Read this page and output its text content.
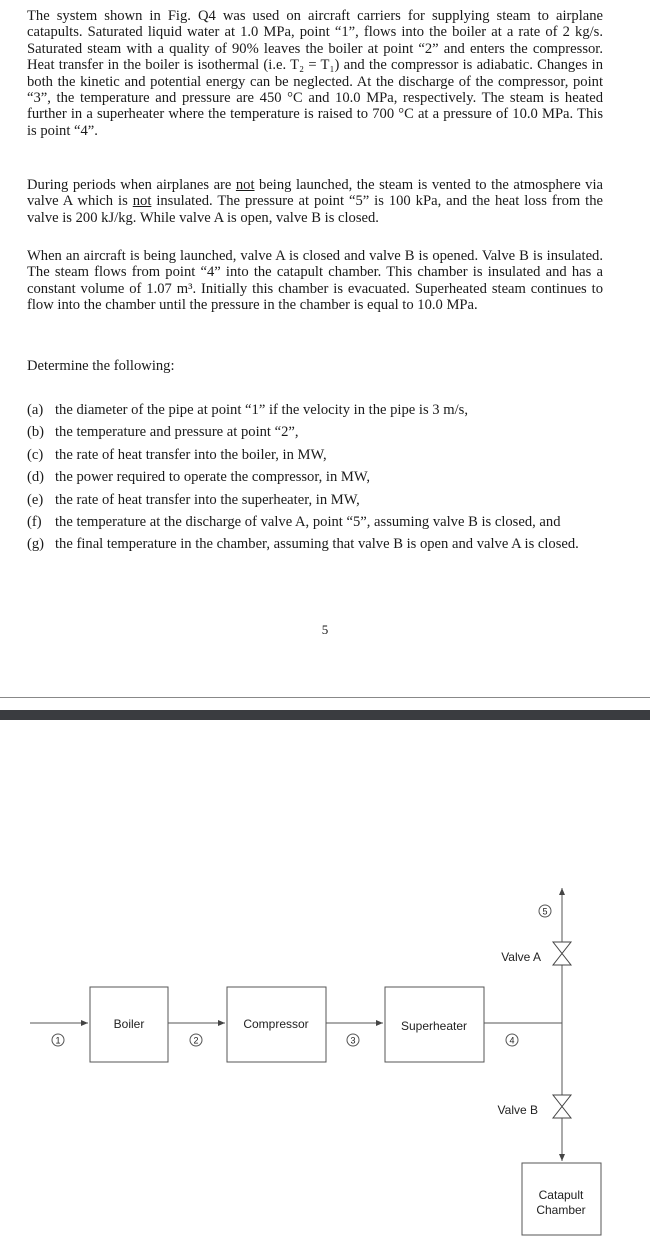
The system shown in Fig. Q4 was used on aircraft carriers for supplying steam to airplane catapults. Saturated liquid water at 1.0 MPa, point “1”, flows into the boiler at a rate of 2 kg/s. Saturated steam with a quality of 90% leaves the boiler at point “2” and enters the compressor. Heat transfer in the boiler is isothermal (i.e. T₂ = T₁) and the compressor is adiabatic. Changes in both the kinetic and potential energy can be neglected. At the discharge of the compressor, point “3”, the temperature and pressure are 450 °C and 10.0 MPa, respectively. The steam is heated further in a superheater where the temperature is raised to 700 °C at a pressure of 10.0 MPa. This is point “4”.

During periods when airplanes are not being launched, the steam is vented to the atmosphere via valve A which is not insulated. The pressure at point “5” is 100 kPa, and the heat loss from the valve is 200 kJ/kg. While valve A is open, valve B is closed.

When an aircraft is being launched, valve A is closed and valve B is opened. Valve B is insulated. The steam flows from point “4” into the catapult chamber. This chamber is insulated and has a constant volume of 1.07 m³. Initially this chamber is evacuated. Superheated steam continues to flow into the chamber until the pressure in the chamber is equal to 10.0 MPa.

Determine the following:

(a) the diameter of the pipe at point “1” if the velocity in the pipe is 3 m/s,
(b) the temperature and pressure at point “2”,
(c) the rate of heat transfer into the boiler, in MW,
(d) the power required to operate the compressor, in MW,
(e) the rate of heat transfer into the superheater, in MW,
(f) the temperature at the discharge of valve A, point “5”, assuming valve B is closed, and
(g) the final temperature in the chamber, assuming that valve B is open and valve A is closed.
5
1
Boiler
2
Compressor
3
Superheater
4
Valve A
5
Valve B
Catapult
Chamber
